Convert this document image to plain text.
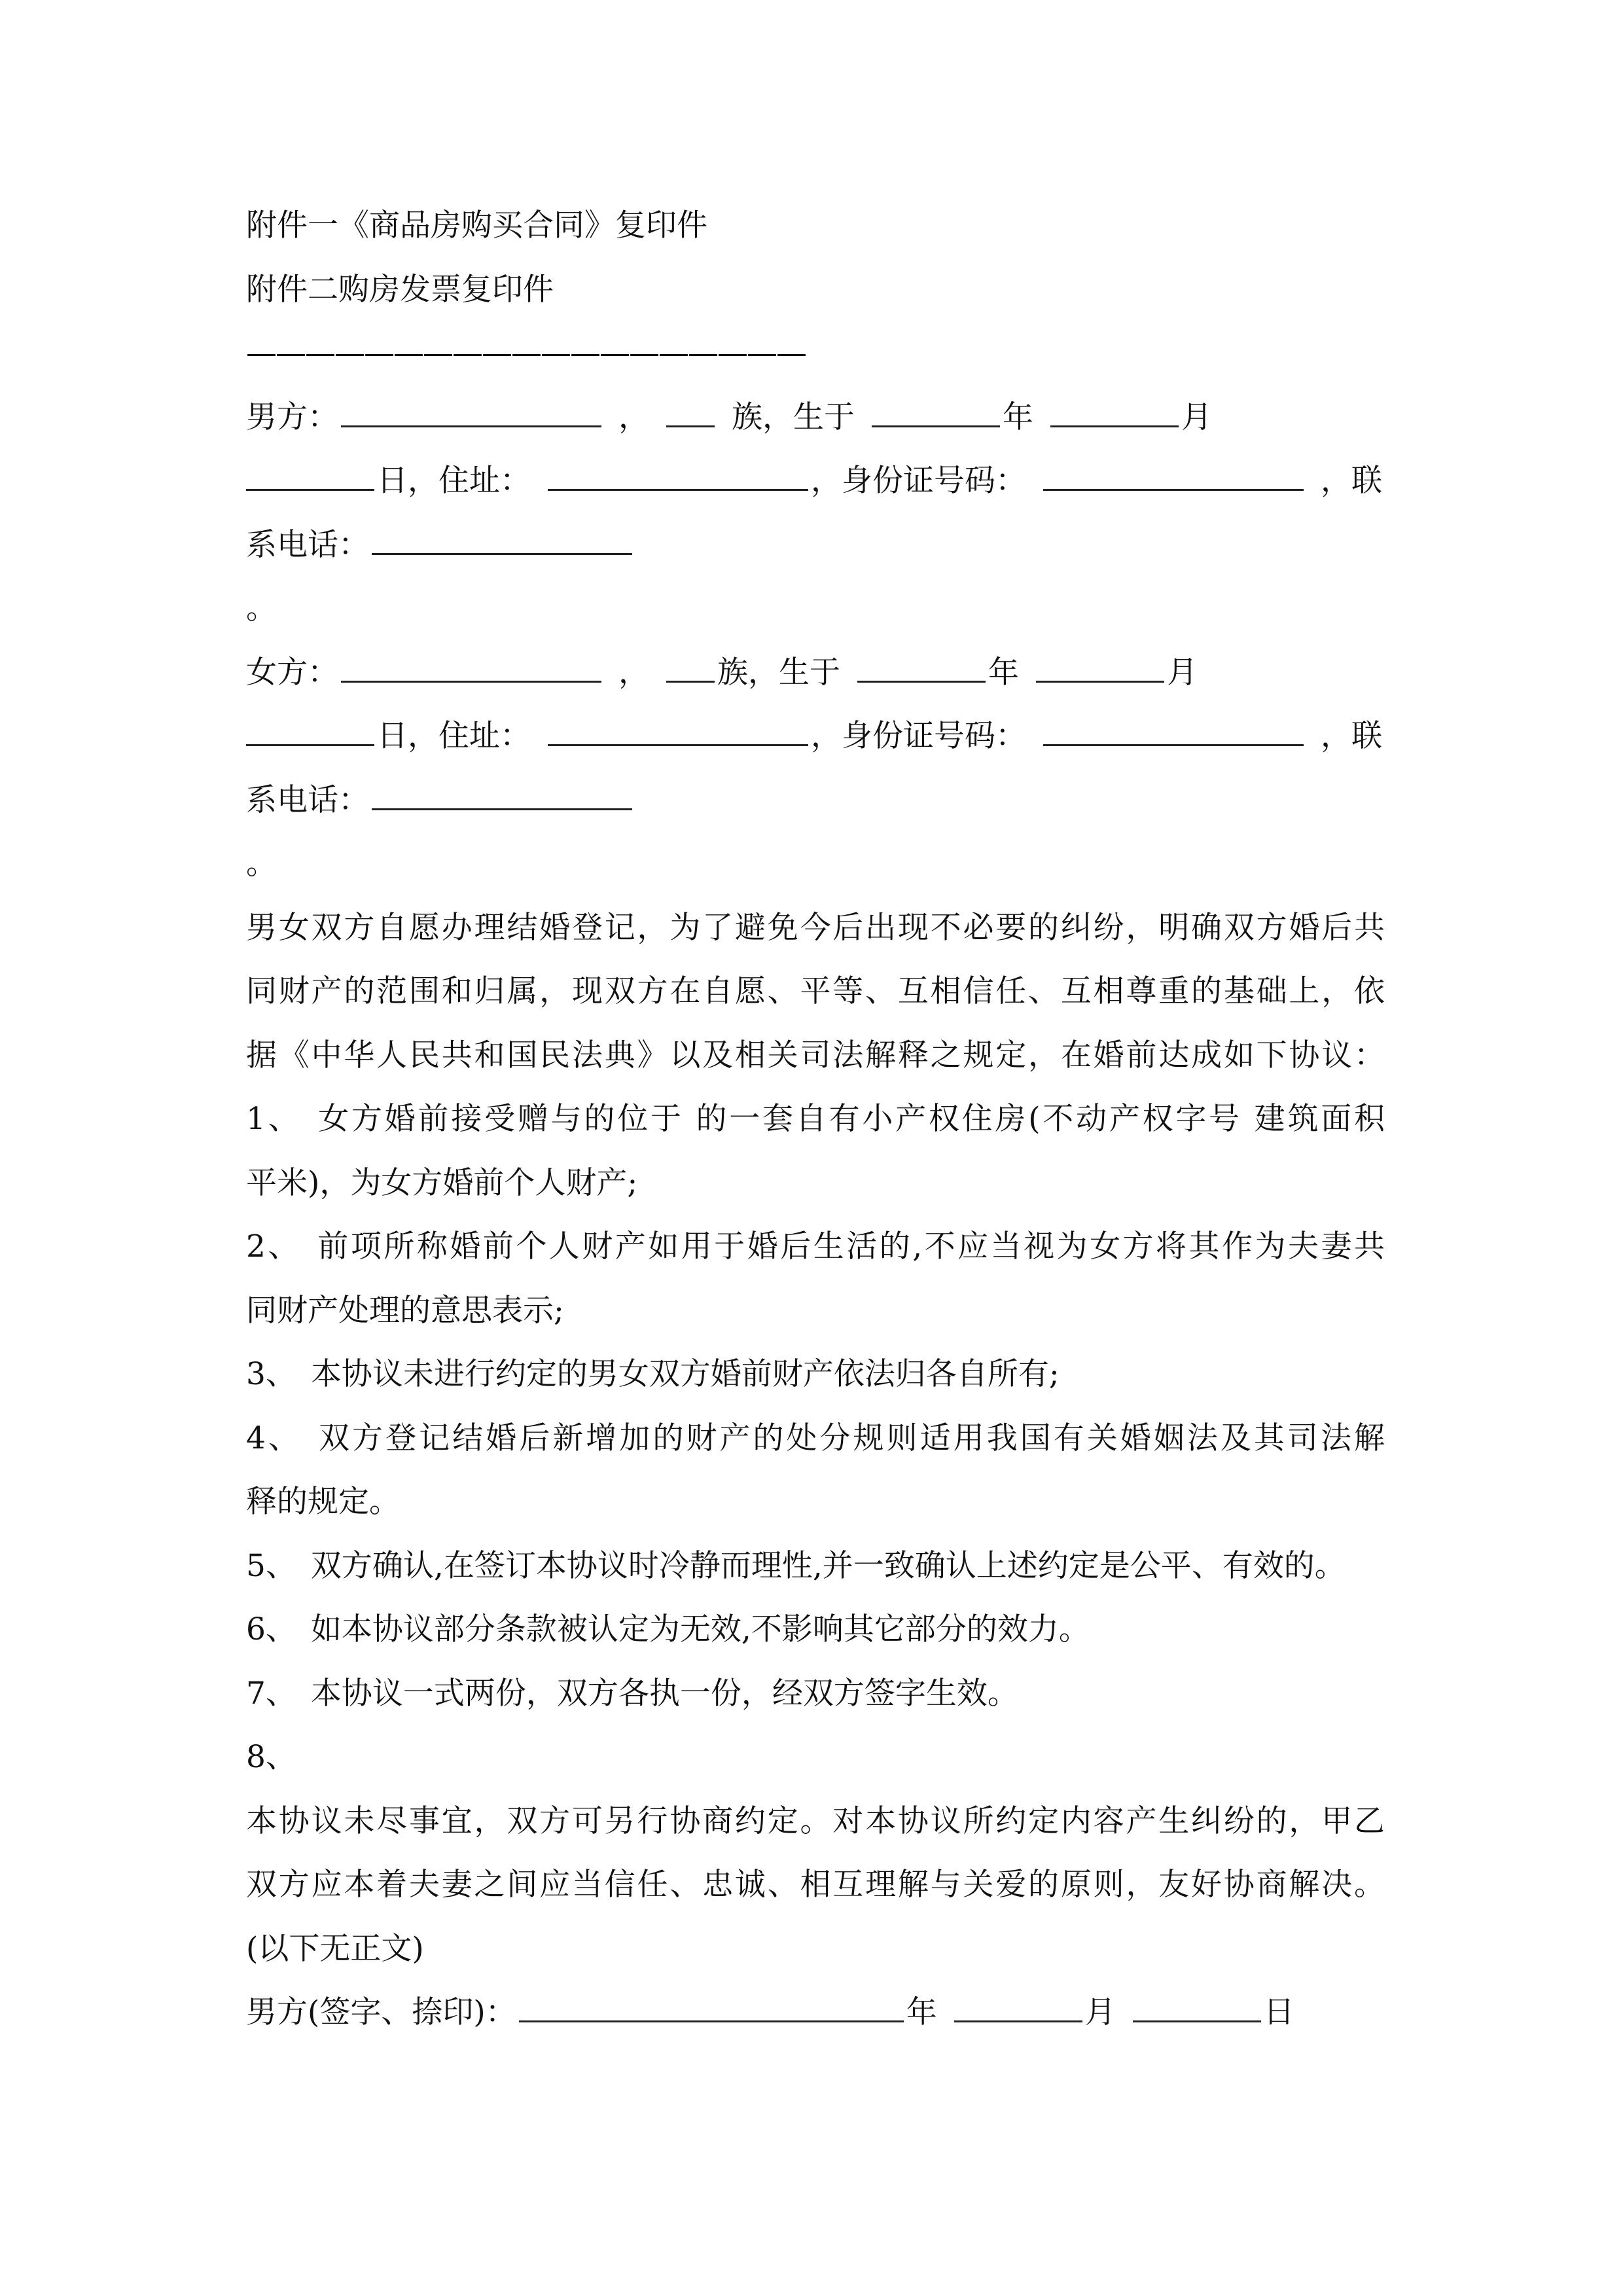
附件一《商品房购买合同》复印件
附件二购房发票复印件
———————————————————
男方：	，	族，生于	年	月
日，住址：	，身份证号码：	，联
系电话：
。
女方：	， 族，生于	年	月
日，住址：	，身份证号码：	，联
系电话：
。
男女双方自愿办理结婚登记，为了避免今后出现不必要的纠纷，明确双方婚后共
同财产的范围和归属，现双方在自愿、平等、互相信任、互相尊重的基础上，依
据《中华人民共和国民法典》以及相关司法解释之规定，在婚前达成如下协议：
1、 女方婚前接受赠与的位于 的一套自有小产权住房(不动产权字号 建筑面积
平米)，为女方婚前个人财产;
2、 前项所称婚前个人财产如用于婚后生活的,不应当视为女方将其作为夫妻共
同财产处理的意思表示;
3、 本协议未进行约定的男女双方婚前财产依法归各自所有;
4、 双方登记结婚后新增加的财产的处分规则适用我国有关婚姻法及其司法解
释的规定。
5、 双方确认,在签订本协议时冷静而理性,并一致确认上述约定是公平、有效的。
6、 如本协议部分条款被认定为无效,不影响其它部分的效力。
7、 本协议一式两份，双方各执一份，经双方签字生效。
8、
本协议未尽事宜，双方可另行协商约定。对本协议所约定内容产生纠纷的，甲乙
双方应本着夫妻之间应当信任、忠诚、相互理解与关爱的原则，友好协商解决。
(以下无正文)
男方(签字、捺印)：	年	月	日
